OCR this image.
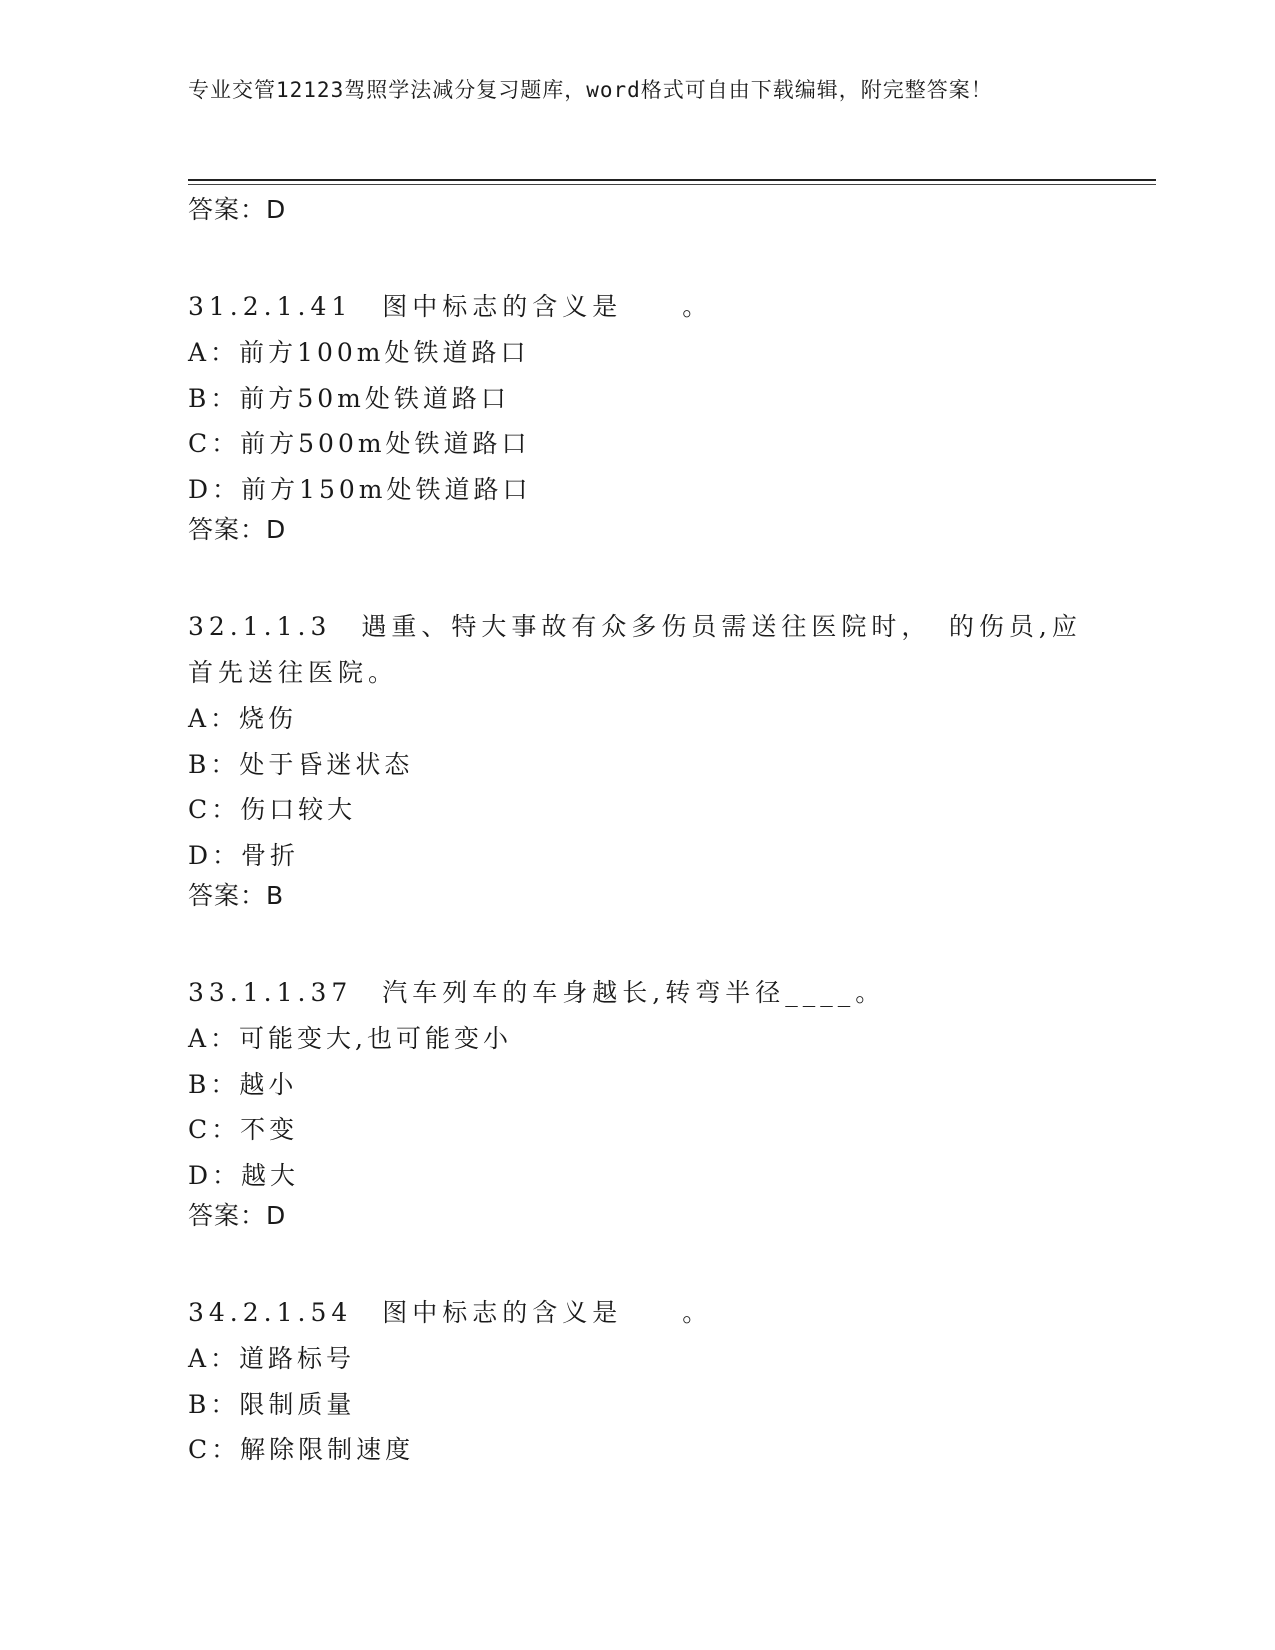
专业交管12123驾照学法减分复习题库，word格式可自由下载编辑，附完整答案！
答案：D
31.2.1.41　图中标志的含义是　　。
A：前方100m处铁道路口
B：前方50m处铁道路口
C：前方500m处铁道路口
D：前方150m处铁道路口
答案：D
32.1.1.3　遇重、特大事故有众多伤员需送往医院时，　的伤员,应首先送往医院。
A：烧伤
B：处于昏迷状态
C：伤口较大
D：骨折
答案：B
33.1.1.37　汽车列车的车身越长,转弯半径____。
A：可能变大,也可能变小
B：越小
C：不变
D：越大
答案：D
34.2.1.54　图中标志的含义是　　。
A：道路标号
B：限制质量
C：解除限制速度
